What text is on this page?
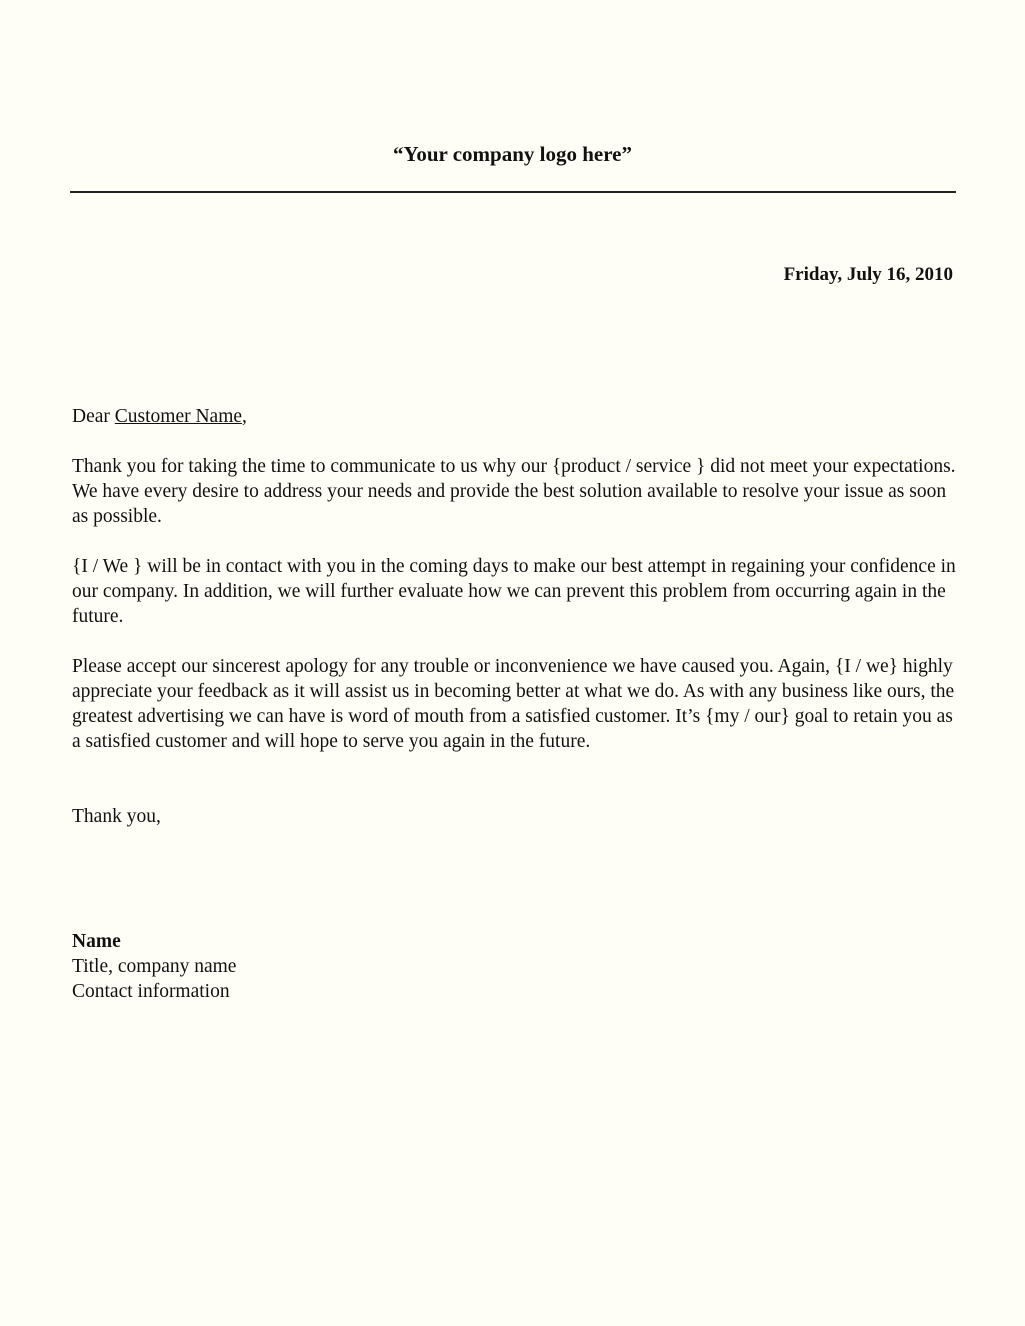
“Your company logo here”

Friday, July 16, 2010

Dear Customer Name,

Thank you for taking the time to communicate to us why our {product / service } did not meet your expectations. We have every desire to address your needs and provide the best solution available to resolve your issue as soon as possible.

{I / We } will be in contact with you in the coming days to make our best attempt in regaining your confidence in our company. In addition, we will further evaluate how we can prevent this problem from occurring again in the future.

Please accept our sincerest apology for any trouble or inconvenience we have caused you. Again, {I / we} highly appreciate your feedback as it will assist us in becoming better at what we do. As with any business like ours, the greatest advertising we can have is word of mouth from a satisfied customer. It’s {my / our} goal to retain you as a satisfied customer and will hope to serve you again in the future.

Thank you,

Name
Title, company name
Contact information
